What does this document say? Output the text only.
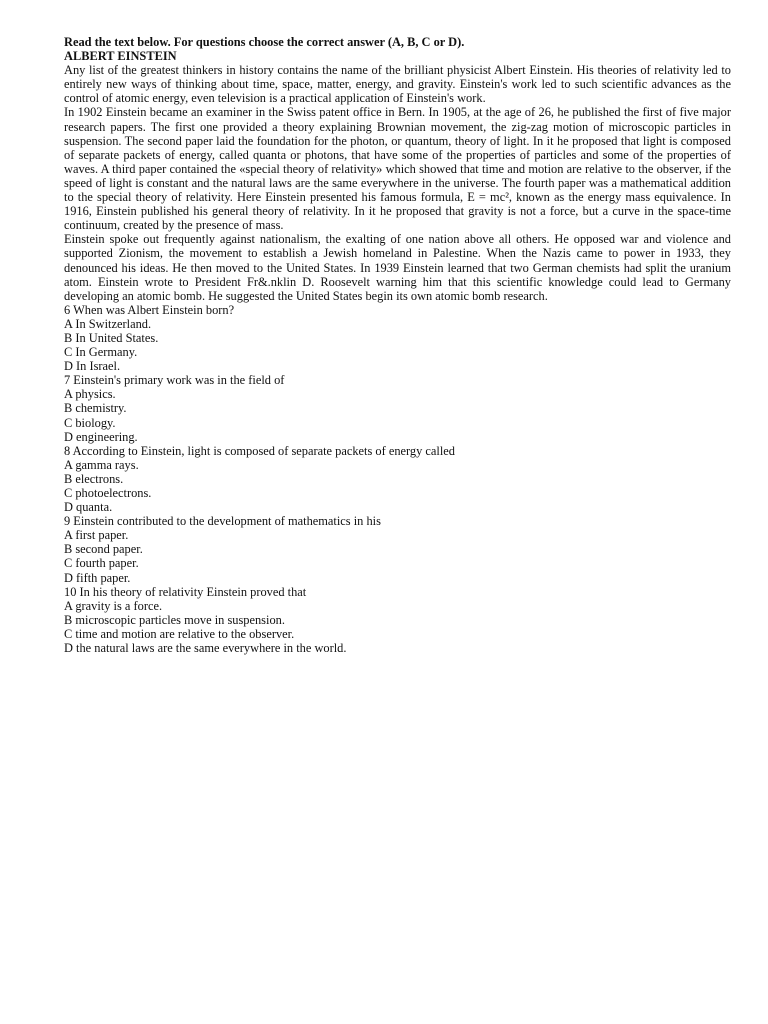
Read the text below. For questions choose the correct answer (A, B, C or D).

ALBERT EINSTEIN

Any list of the greatest thinkers in history contains the name of the brilliant physicist Albert Einstein. His theories of relativity led to entirely new ways of thinking about time, space, matter, energy, and gravity. Einstein's work led to such scientific advances as the control of atomic energy, even television is a practical application of Einstein's work.

In 1902 Einstein became an examiner in the Swiss patent office in Bern. In 1905, at the age of 26, he published the first of five major research papers. The first one provided a theory explaining Brownian movement, the zig-zag motion of microscopic particles in suspension. The second paper laid the foundation for the photon, or quantum, theory of light. In it he proposed that light is composed of separate packets of energy, called quanta or photons, that have some of the properties of particles and some of the properties of waves. A third paper contained the «special theory of relativity» which showed that time and motion are relative to the observer, if the speed of light is constant and the natural laws are the same everywhere in the universe. The fourth paper was a mathematical addition to the special theory of relativity. Here Einstein presented his famous formula, E = mc², known as the energy mass equivalence. In 1916, Einstein published his general theory of relativity. In it he proposed that gravity is not a force, but a curve in the space-time continuum, created by the presence of mass.

Einstein spoke out frequently against nationalism, the exalting of one nation above all others. He opposed war and violence and supported Zionism, the movement to establish a Jewish homeland in Palestine. When the Nazis came to power in 1933, they denounced his ideas. He then moved to the United States. In 1939 Einstein learned that two German chemists had split the uranium atom. Einstein wrote to President Fr&.nklin D. Roosevelt warning him that this scientific knowledge could lead to Germany developing an atomic bomb. He suggested the United States begin its own atomic bomb research.

6 When was Albert Einstein born?

A In Switzerland.

B In United States.

C In Germany.

D In Israel.

7 Einstein's primary work was in the field of

A physics.

B chemistry.

C biology.

D engineering.

8 According to Einstein, light is composed of separate packets of energy called

A gamma rays.

B electrons.

C photoelectrons.

D quanta.

9 Einstein contributed to the development of mathematics in his

A first paper.

B second paper.

C fourth paper.

D fifth paper.

10 In his theory of relativity Einstein proved that

A gravity is a force.

B microscopic particles move in suspension.

C time and motion are relative to the observer.

D the natural laws are the same everywhere in the world.
